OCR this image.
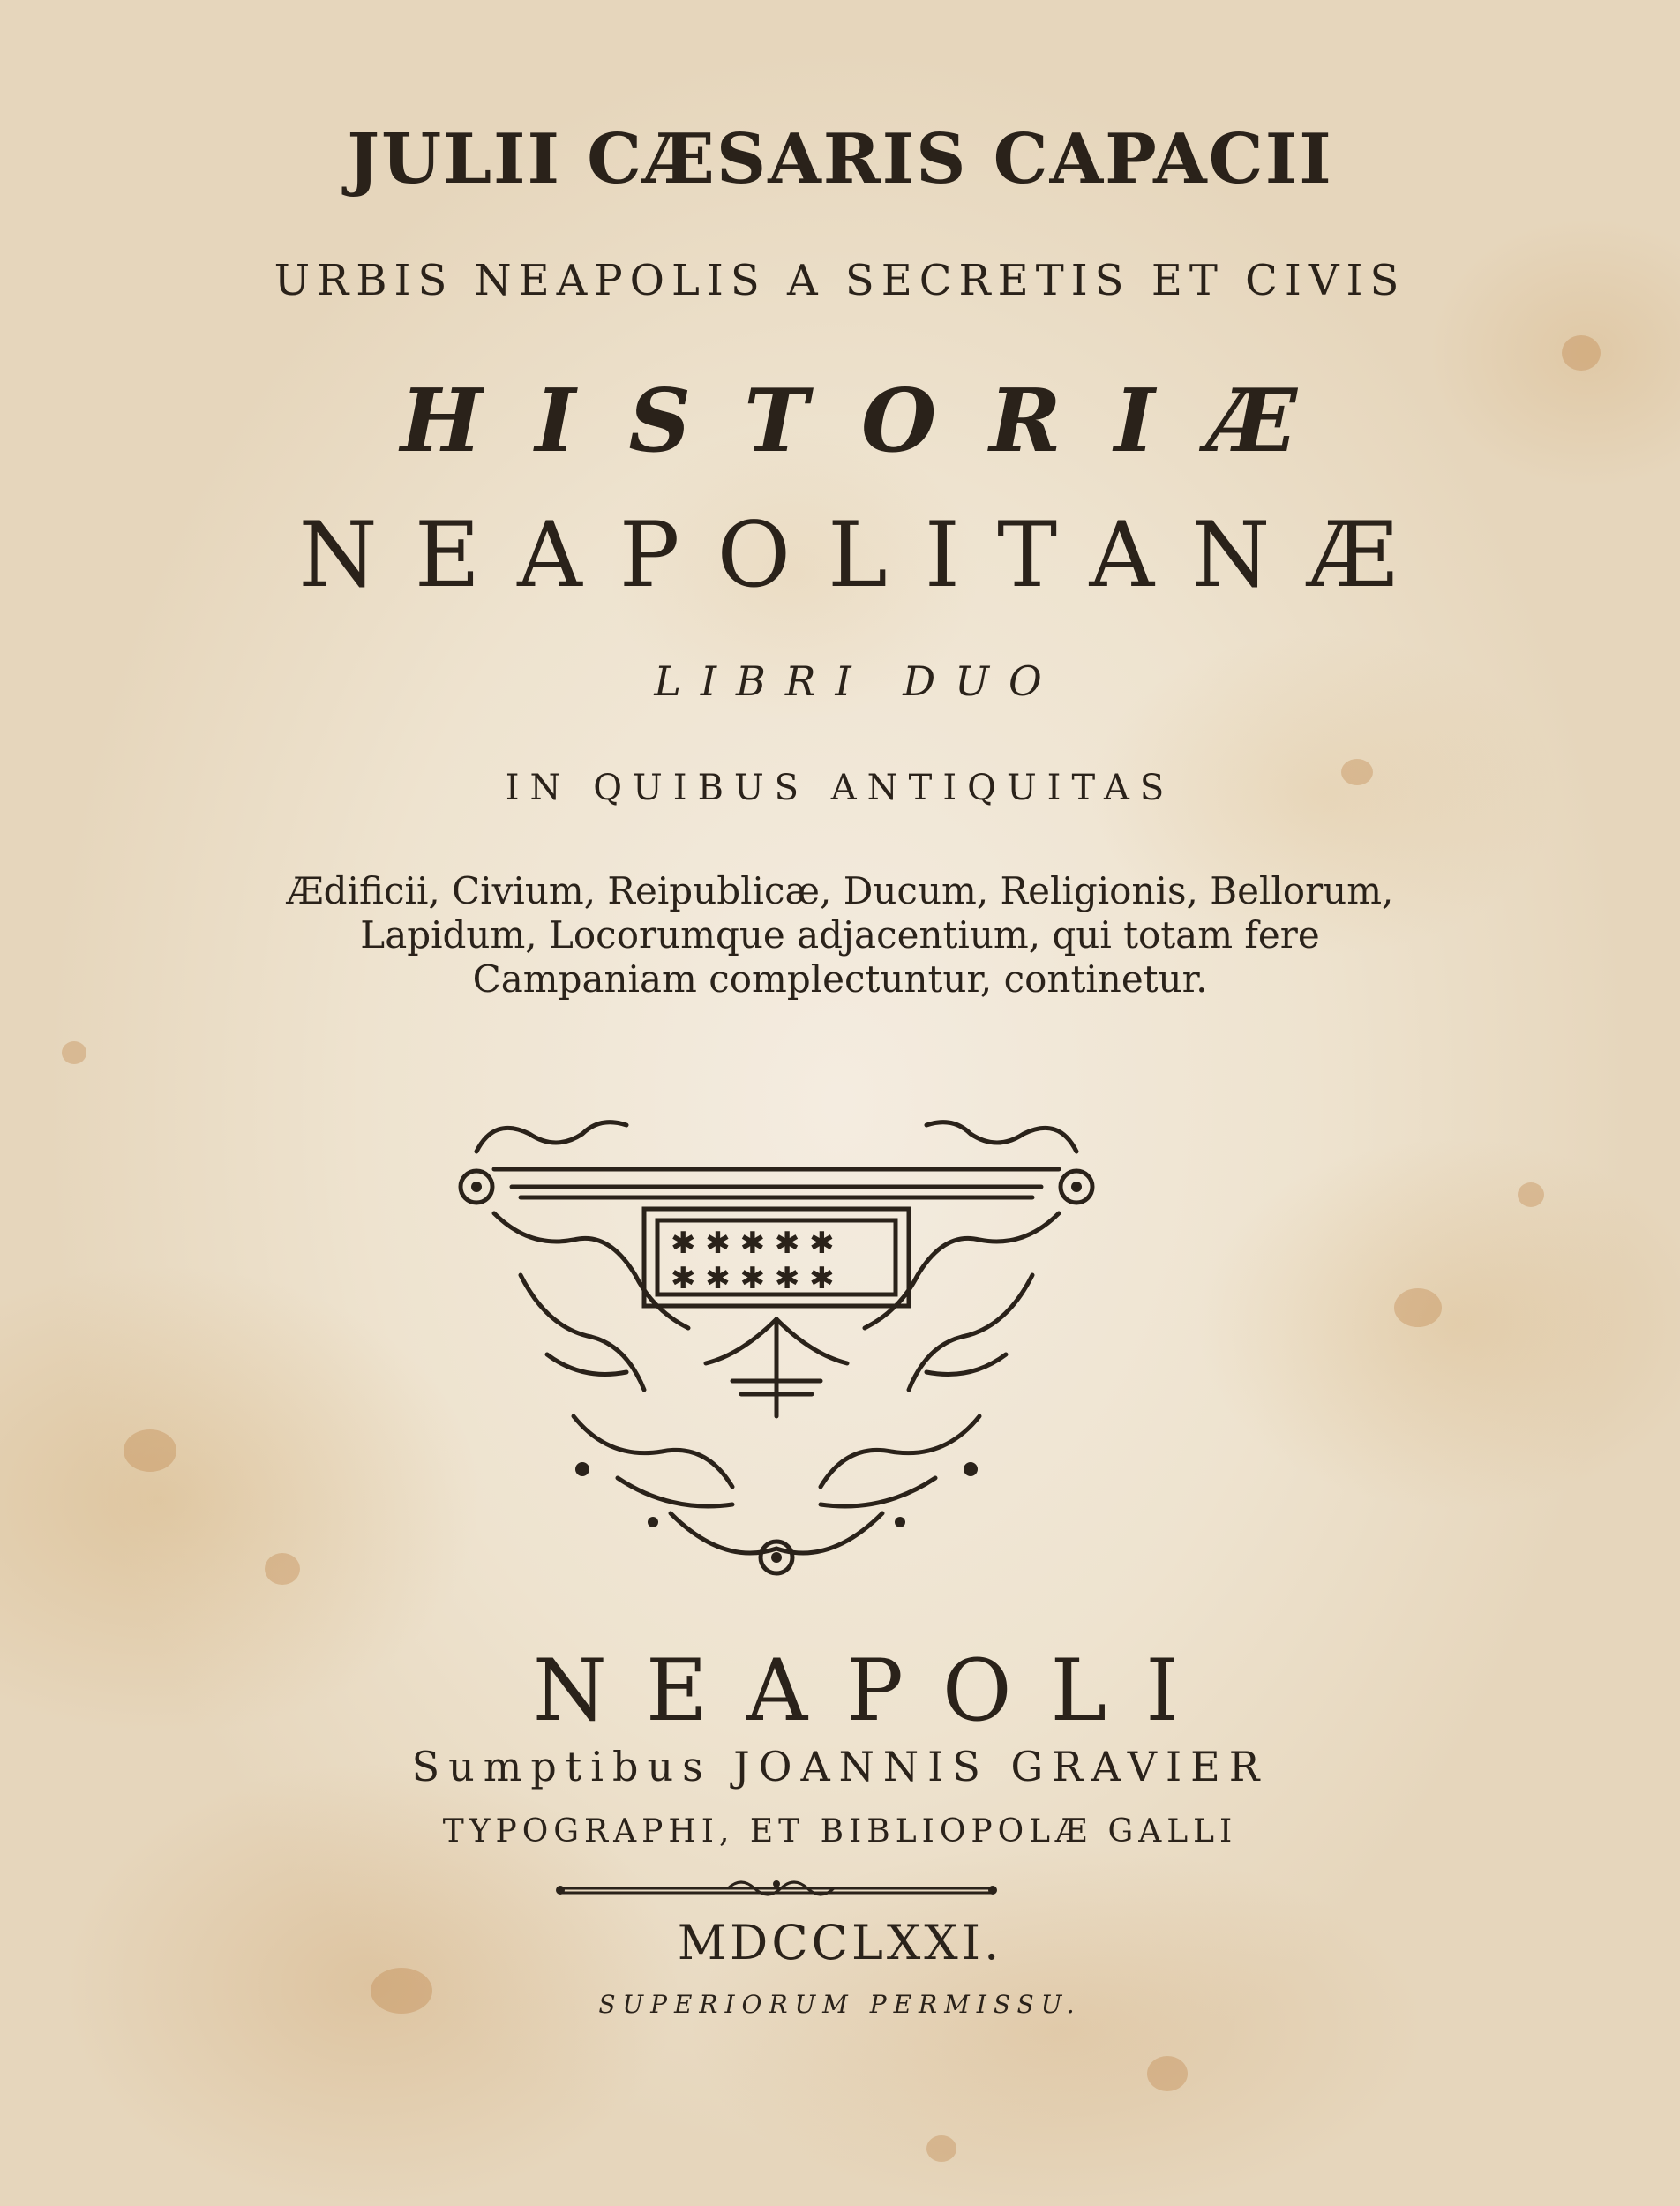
JULII CÆSARIS CAPACII
URBIS NEAPOLIS A SECRETIS ET CIVIS
HISTORIÆ
NEAPOLITANÆ
LIBRI DUO
IN QUIBUS ANTIQUITAS
Ædificii, Civium, Reipublicæ, Ducum, Religionis, Bellorum,
Lapidum, Locorumque adjacentium, qui totam fere
Campaniam complectuntur, continetur.
✱ ✱ ✱ ✱ ✱
✱ ✱ ✱ ✱ ✱
NEAPOLI
Sumptibus JOANNIS GRAVIER
TYPOGRAPHI, ET BIBLIOPOLÆ GALLI
MDCCLXXI.
SUPERIORUM PERMISSU.
